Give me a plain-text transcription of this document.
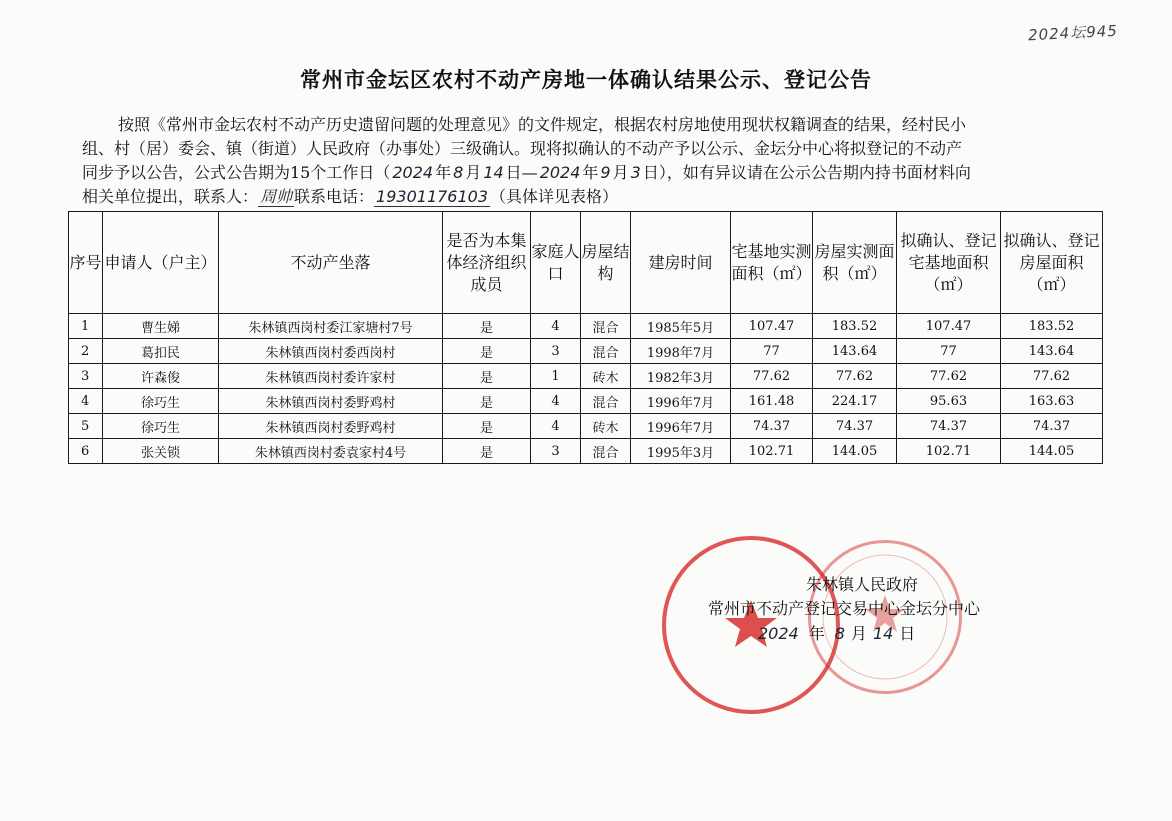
2024坛945
常州市金坛区农村不动产房地一体确认结果公示、登记公告

按照《常州市金坛农村不动产历史遗留问题的处理意见》的文件规定，根据农村房地使用现状权籍调查的结果，经村民小

组、村（居）委会、镇（街道）人民政府（办事处）三级确认。现将拟确认的不动产予以公示、金坛分中心将拟登记的不动产

同步予以公告，公式公告期为15个工作日（ 2024 年 8 月 14 日— 2024 年 9 月 3 日），如有异议请在公示公告期内持书面材料向

相关单位提出，联系人： 周帅 联系电话： 19301176103 （具体详见表格）

序号	申请人（户主）	不动产坐落	是否为本集体经济组织成员	家庭人口	房屋结构	建房时间	宅基地实测面积（㎡）	房屋实测面积（㎡）	拟确认、登记宅基地面积（㎡）	拟确认、登记房屋面积（㎡）
1	曹生娣	朱林镇西岗村委江家塘村7号	是	4	混合	1985年5月	107.47	183.52	107.47	183.52
2	葛扣民	朱林镇西岗村委西岗村	是	3	混合	1998年7月	77	143.64	77	143.64
3	许森俊	朱林镇西岗村委许家村	是	1	砖木	1982年3月	77.62	77.62	77.62	77.62
4	徐巧生	朱林镇西岗村委野鸡村	是	4	混合	1996年7月	161.48	224.17	95.63	163.63
5	徐巧生	朱林镇西岗村委野鸡村	是	4	砖木	1996年7月	74.37	74.37	74.37	74.37
6	张关锁	朱林镇西岗村委袁家村4号	是	3	混合	1995年3月	102.71	144.05	102.71	144.05
朱林镇人民政府
常州市不动产登记交易中心金坛分中心
2024 年 8 月 14 日
